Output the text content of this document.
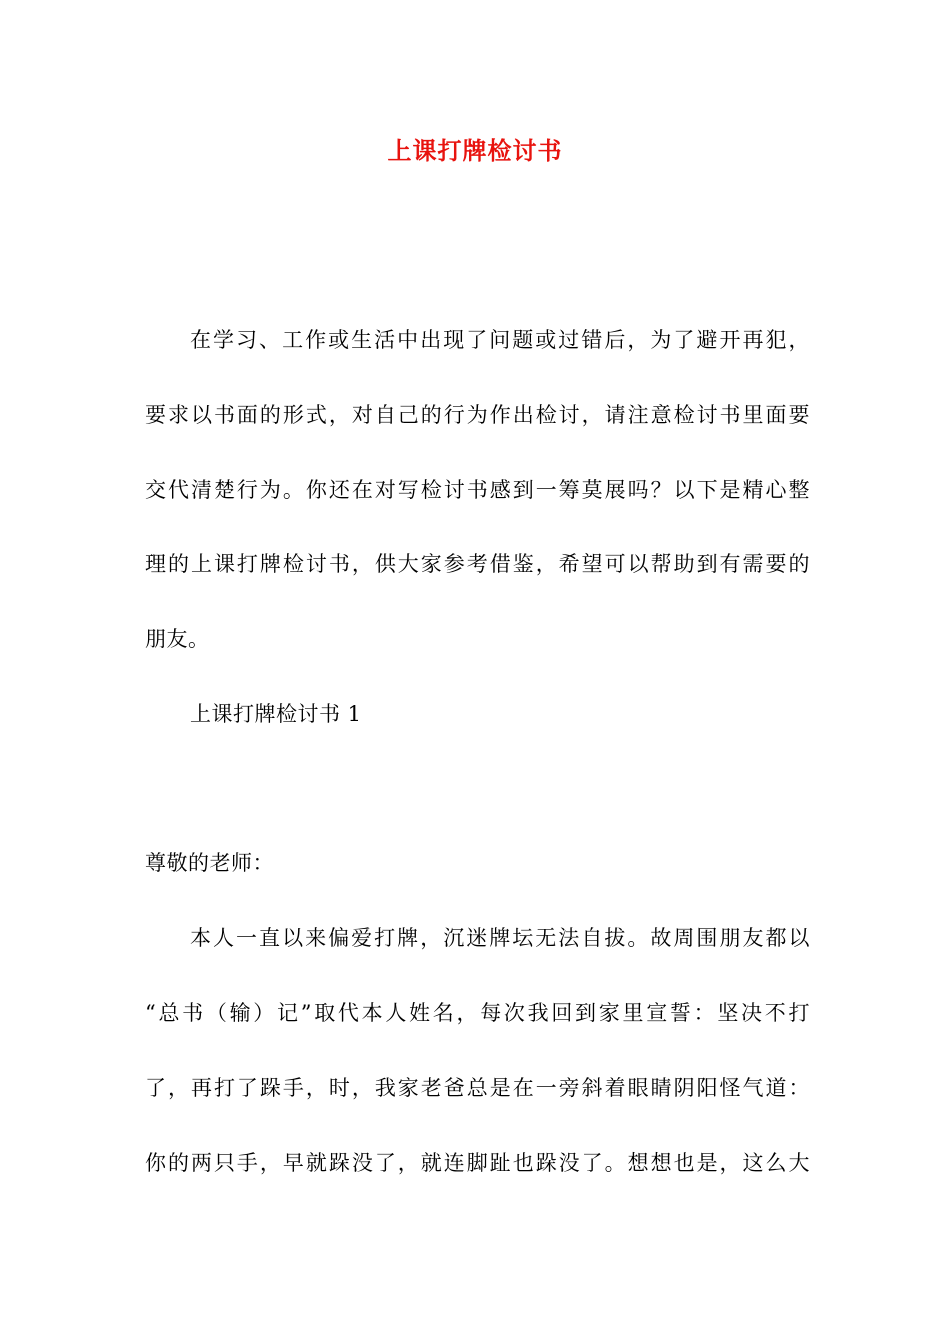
上课打牌检讨书
在学习、工作或生活中出现了问题或过错后，为了避开再犯，
要求以书面的形式，对自己的行为作出检讨，请注意检讨书里面要
交代清楚行为。你还在对写检讨书感到一筹莫展吗？以下是精心整
理的上课打牌检讨书，供大家参考借鉴，希望可以帮助到有需要的
朋友。
上课打牌检讨书 1
尊敬的老师：
本人一直以来偏爱打牌，沉迷牌坛无法自拔。故周围朋友都以
“总书（输）记”取代本人姓名，每次我回到家里宣誓：坚决不打
了，再打了跺手，时，我家老爸总是在一旁斜着眼睛阴阳怪气道：
你的两只手，早就跺没了，就连脚趾也跺没了。想想也是，这么大
